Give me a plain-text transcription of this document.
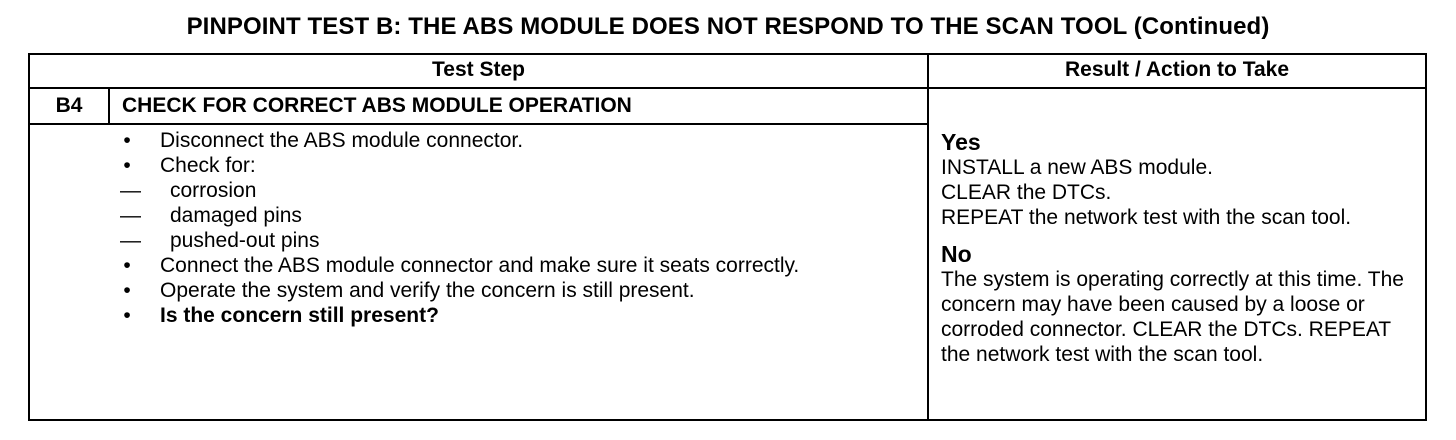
PINPOINT TEST B: THE ABS MODULE DOES NOT RESPOND TO THE SCAN TOOL (Continued)
Test Step	Result / Action to Take
B4	CHECK FOR CORRECT ABS MODULE OPERATION
• Disconnect the ABS module connector.
• Check for:
— corrosion
— damaged pins
— pushed-out pins
• Connect the ABS module connector and make sure it seats correctly.
• Operate the system and verify the concern is still present.
• Is the concern still present?
Yes
INSTALL a new ABS module.
CLEAR the DTCs.
REPEAT the network test with the scan tool.
No
The system is operating correctly at this time. The concern may have been caused by a loose or corroded connector. CLEAR the DTCs. REPEAT the network test with the scan tool.
